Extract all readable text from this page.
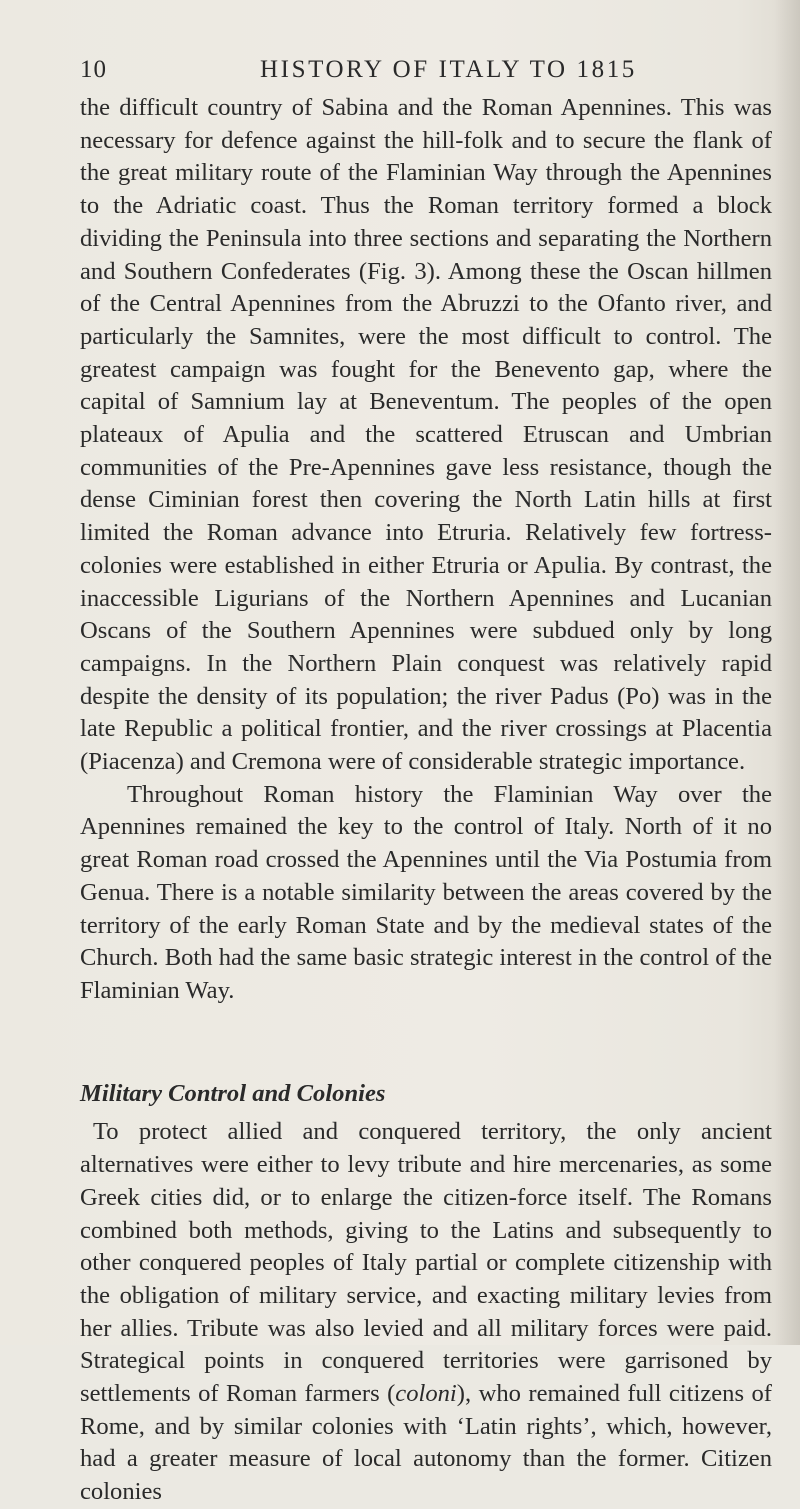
10	HISTORY OF ITALY TO 1815

the difficult country of Sabina and the Roman Apennines. This was necessary for defence against the hill-folk and to secure the flank of the great military route of the Flaminian Way through the Apennines to the Adriatic coast. Thus the Roman territory formed a block dividing the Peninsula into three sections and separating the Northern and Southern Confederates (Fig. 3). Among these the Oscan hillmen of the Central Apennines from the Abruzzi to the Ofanto river, and particularly the Samnites, were the most difficult to control. The greatest campaign was fought for the Benevento gap, where the capital of Samnium lay at Beneventum. The peoples of the open plateaux of Apulia and the scattered Etruscan and Umbrian communities of the Pre-Apennines gave less resistance, though the dense Ciminian forest then covering the North Latin hills at first limited the Roman advance into Etruria. Relatively few fortress-colonies were established in either Etruria or Apulia. By contrast, the inaccessible Ligurians of the Northern Apennines and Lucanian Oscans of the Southern Apennines were subdued only by long campaigns. In the Northern Plain conquest was relatively rapid despite the density of its population; the river Padus (Po) was in the late Republic a political frontier, and the river crossings at Placentia (Piacenza) and Cremona were of considerable strategic importance.

Throughout Roman history the Flaminian Way over the Apennines remained the key to the control of Italy. North of it no great Roman road crossed the Apennines until the Via Postumia from Genua. There is a notable similarity between the areas covered by the territory of the early Roman State and by the medieval states of the Church. Both had the same basic strategic interest in the control of the Flaminian Way.

Military Control and Colonies

To protect allied and conquered territory, the only ancient alternatives were either to levy tribute and hire mercenaries, as some Greek cities did, or to enlarge the citizen-force itself. The Romans combined both methods, giving to the Latins and subsequently to other conquered peoples of Italy partial or complete citizenship with the obligation of military service, and exacting military levies from her allies. Tribute was also levied and all military forces were paid. Strategical points in conquered territories were garrisoned by settlements of Roman farmers (coloni), who remained full citizens of Rome, and by similar colonies with ‘Latin rights’, which, however, had a greater measure of local autonomy than the former. Citizen colonies
